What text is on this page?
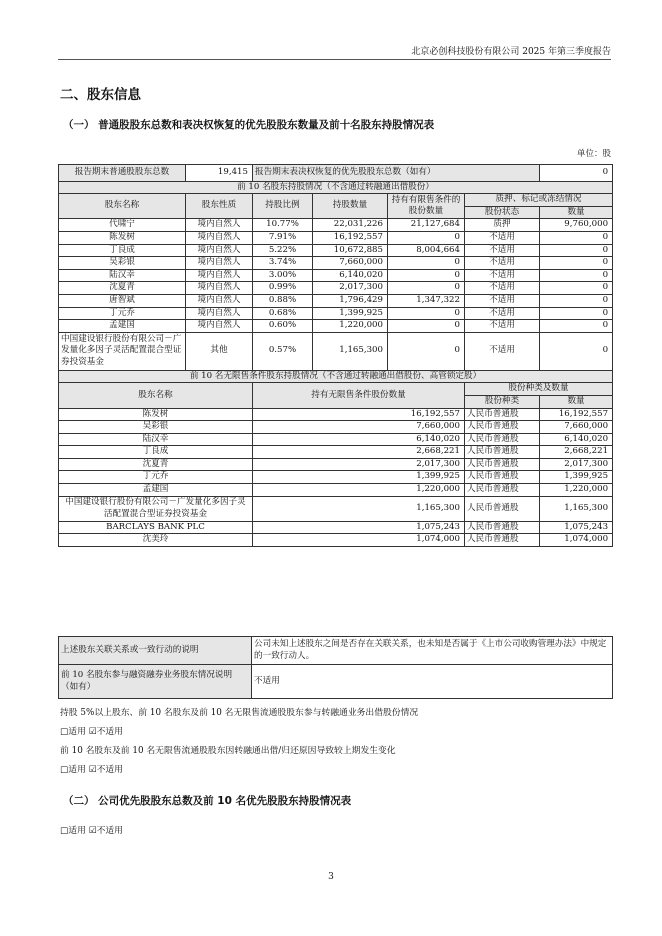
北京必创科技股份有限公司 2025 年第三季度报告
二、股东信息
（一） 普通股股东总数和表决权恢复的优先股股东数量及前十名股东持股情况表
单位：股
报告期末普通股股东总数	19,415	报告期末表决权恢复的优先股股东总数（如有）				0
前 10 名股东持股情况（不含通过转融通出借股份）						
股东名称	股东性质	持股比例	持股数量	持有有限售条件的股份数量	质押、标记或冻结情况	
					股份状态	数量
代啸宁	境内自然人	10.77%	22,031,226	21,127,684	质押	9,760,000
陈发树	境内自然人	7.91%	16,192,557	0	不适用	0
丁良成	境内自然人	5.22%	10,672,885	8,004,664	不适用	0
吴彩银	境内自然人	3.74%	7,660,000	0	不适用	0
陆汉幸	境内自然人	3.00%	6,140,020	0	不适用	0
沈夏青	境内自然人	0.99%	2,017,300	0	不适用	0
唐智斌	境内自然人	0.88%	1,796,429	1,347,322	不适用	0
丁元乔	境内自然人	0.68%	1,399,925	0	不适用	0
孟建国	境内自然人	0.60%	1,220,000	0	不适用	0
中国建设银行股份有限公司－广发量化多因子灵活配置混合型证券投资基金	其他	0.57%	1,165,300	0	不适用	0
前 10 名无限售条件股东持股情况（不含通过转融通出借股份、高管锁定股）						
股东名称		持有无限售条件股份数量			股份种类及数量	
					股份种类	数量
陈发树		16,192,557			人民币普通股	16,192,557
吴彩银		7,660,000			人民币普通股	7,660,000
陆汉幸		6,140,020			人民币普通股	6,140,020
丁良成		2,668,221			人民币普通股	2,668,221
沈夏青		2,017,300			人民币普通股	2,017,300
丁元乔		1,399,925			人民币普通股	1,399,925
孟建国		1,220,000			人民币普通股	1,220,000
中国建设银行股份有限公司－广发量化多因子灵活配置混合型证券投资基金		1,165,300			人民币普通股	1,165,300
BARCLAYS BANK PLC		1,075,243			人民币普通股	1,075,243
沈美玲		1,074,000			人民币普通股	1,074,000
上述股东关联关系或一致行动的说明	公司未知上述股东之间是否存在关联关系，也未知是否属于《上市公司收购管理办法》中规定的一致行动人。
前 10 名股东参与融资融券业务股东情况说明（如有）	不适用
持股 5%以上股东、前 10 名股东及前 10 名无限售流通股股东参与转融通业务出借股份情况
□适用 ☑不适用
前 10 名股东及前 10 名无限售流通股股东因转融通出借/归还原因导致较上期发生变化
□适用 ☑不适用
（二） 公司优先股股东总数及前 10 名优先股股东持股情况表
□适用 ☑不适用
3
